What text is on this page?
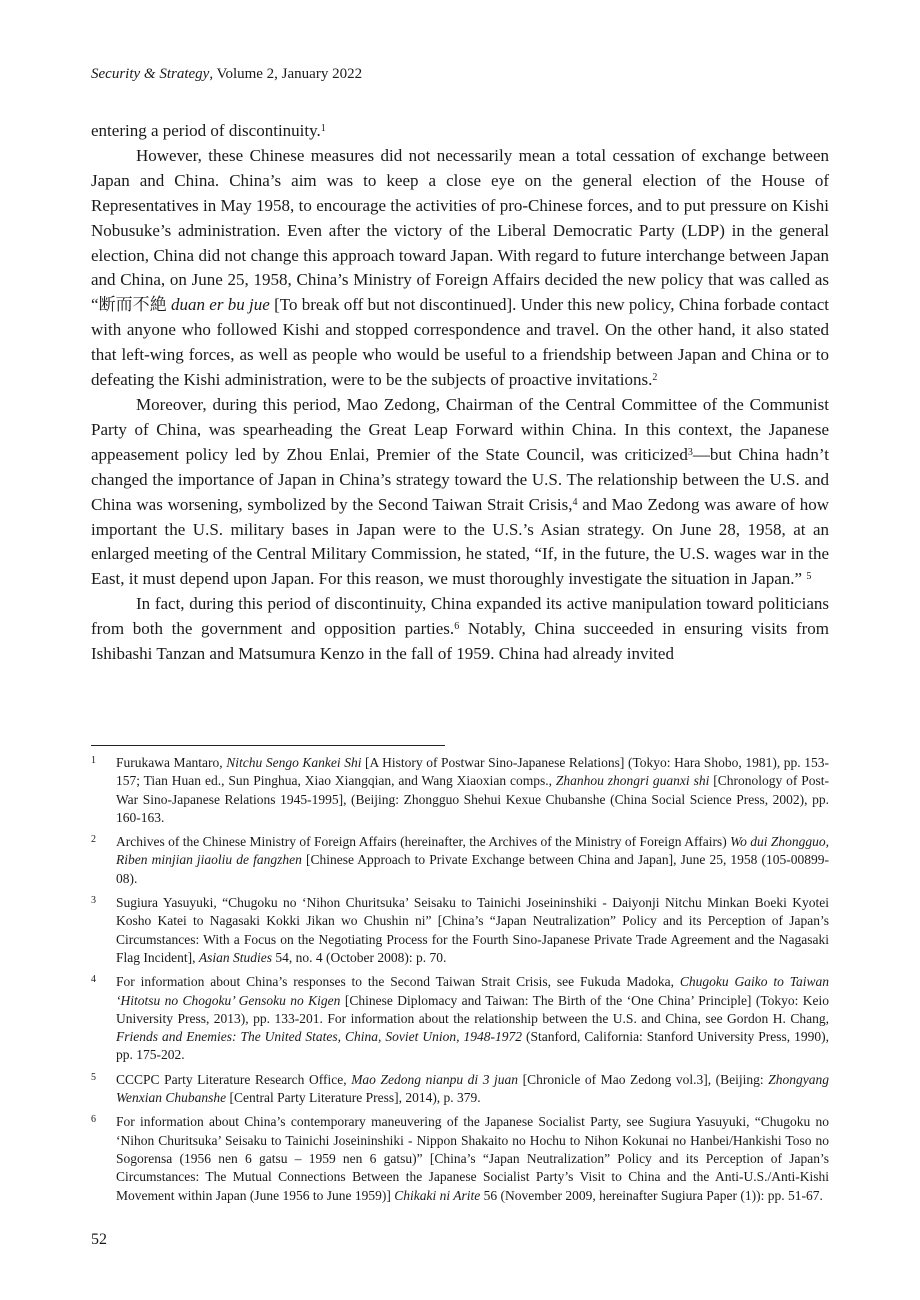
Security & Strategy, Volume 2, January 2022

entering a period of discontinuity.$^1$

However, these Chinese measures did not necessarily mean a total cessation of exchange between Japan and China. China’s aim was to keep a close eye on the general election of the House of Representatives in May 1958, to encourage the activities of pro-Chinese forces, and to put pressure on Kishi Nobusuke’s administration. Even after the victory of the Liberal Democratic Party (LDP) in the general election, China did not change this approach toward Japan. With regard to future interchange between Japan and China, on June 25, 1958, China’s Ministry of Foreign Affairs decided the new policy that was called as “断而不絶 duan er bu jue [To break off but not discontinued]. Under this new policy, China forbade contact with anyone who followed Kishi and stopped correspondence and travel. On the other hand, it also stated that left-wing forces, as well as people who would be useful to a friendship between Japan and China or to defeating the Kishi administration, were to be the subjects of proactive invitations.$^2$

Moreover, during this period, Mao Zedong, Chairman of the Central Committee of the Communist Party of China, was spearheading the Great Leap Forward within China. In this context, the Japanese appeasement policy led by Zhou Enlai, Premier of the State Council, was criticized$^3$—but China hadn’t changed the importance of Japan in China’s strategy toward the U.S. The relationship between the U.S. and China was worsening, symbolized by the Second Taiwan Strait Crisis,$^4$ and Mao Zedong was aware of how important the U.S. military bases in Japan were to the U.S.’s Asian strategy. On June 28, 1958, at an enlarged meeting of the Central Military Commission, he stated, “If, in the future, the U.S. wages war in the East, it must depend upon Japan. For this reason, we must thoroughly investigate the situation in Japan.” $^5$

In fact, during this period of discontinuity, China expanded its active manipulation toward politicians from both the government and opposition parties.$^6$ Notably, China succeeded in ensuring visits from Ishibashi Tanzan and Matsumura Kenzo in the fall of 1959. China had already invited

1	Furukawa Mantaro, Nitchu Sengo Kankei Shi [A History of Postwar Sino-Japanese Relations] (Tokyo: Hara Shobo, 1981), pp. 153-157; Tian Huan ed., Sun Pinghua, Xiao Xiangqian, and Wang Xiaoxian comps., Zhanhou zhongri guanxi shi [Chronology of Post-War Sino-Japanese Relations 1945-1995], (Beijing: Zhongguo Shehui Kexue Chubanshe (China Social Science Press, 2002), pp. 160-163.
2	Archives of the Chinese Ministry of Foreign Affairs (hereinafter, the Archives of the Ministry of Foreign Affairs) Wo dui Zhongguo, Riben minjian jiaoliu de fangzhen [Chinese Approach to Private Exchange between China and Japan], June 25, 1958 (105-00899-08).
3	Sugiura Yasuyuki, “Chugoku no ‘Nihon Churitsuka’ Seisaku to Tainichi Joseininshiki - Daiyonji Nitchu Minkan Boeki Kyotei Kosho Katei to Nagasaki Kokki Jikan wo Chushin ni” [China’s “Japan Neutralization” Policy and its Perception of Japan’s Circumstances: With a Focus on the Negotiating Process for the Fourth Sino-Japanese Private Trade Agreement and the Nagasaki Flag Incident], Asian Studies 54, no. 4 (October 2008): p. 70.
4	For information about China’s responses to the Second Taiwan Strait Crisis, see Fukuda Madoka, Chugoku Gaiko to Taiwan ‘Hitotsu no Chogoku’ Gensoku no Kigen [Chinese Diplomacy and Taiwan: The Birth of the ‘One China’ Principle] (Tokyo: Keio University Press, 2013), pp. 133-201. For information about the relationship between the U.S. and China, see Gordon H. Chang, Friends and Enemies: The United States, China, Soviet Union, 1948-1972 (Stanford, California: Stanford University Press, 1990), pp. 175-202.
5	CCCPC Party Literature Research Office, Mao Zedong nianpu di 3 juan [Chronicle of Mao Zedong vol.3], (Beijing: Zhongyang Wenxian Chubanshe [Central Party Literature Press], 2014), p. 379.
6	For information about China’s contemporary maneuvering of the Japanese Socialist Party, see Sugiura Yasuyuki, “Chugoku no ‘Nihon Churitsuka’ Seisaku to Tainichi Joseininshiki - Nippon Shakaito no Hochu to Nihon Kokunai no Hanbei/Hankishi Toso no Sogorensa (1956 nen 6 gatsu – 1959 nen 6 gatsu)” [China’s “Japan Neutralization” Policy and its Perception of Japan’s Circumstances: The Mutual Connections Between the Japanese Socialist Party’s Visit to China and the Anti-U.S./Anti-Kishi Movement within Japan (June 1956 to June 1959)] Chikaki ni Arite 56 (November 2009, hereinafter Sugiura Paper (1)): pp. 51-67.
52
